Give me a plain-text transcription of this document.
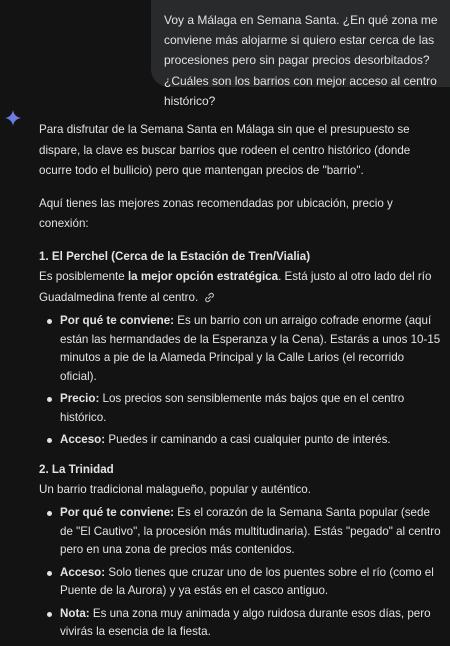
Voy a Málaga en Semana Santa. ¿En qué zona me conviene más alojarme si quiero estar cerca de las procesiones pero sin pagar precios desorbitados? ¿Cuáles son los barrios con mejor acceso al centro histórico?

Para disfrutar de la Semana Santa en Málaga sin que el presupuesto se dispare, la clave es buscar barrios que rodeen el centro histórico (donde ocurre todo el bullicio) pero que mantengan precios de "barrio".

Aquí tienes las mejores zonas recomendadas por ubicación, precio y conexión:

1. El Perchel (Cerca de la Estación de Tren/Vialia)

Es posiblemente la mejor opción estratégica. Está justo al otro lado del río Guadalmedina frente al centro.

Por qué te conviene: Es un barrio con un arraigo cofrade enorme (aquí están las hermandades de la Esperanza y la Cena). Estarás a unos 10-15 minutos a pie de la Alameda Principal y la Calle Larios (el recorrido oficial).
Precio: Los precios son sensiblemente más bajos que en el centro histórico.
Acceso: Puedes ir caminando a casi cualquier punto de interés.
2. La Trinidad

Un barrio tradicional malagueño, popular y auténtico.

Por qué te conviene: Es el corazón de la Semana Santa popular (sede de "El Cautivo", la procesión más multitudinaria). Estás "pegado" al centro pero en una zona de precios más contenidos.
Acceso: Solo tienes que cruzar uno de los puentes sobre el río (como el Puente de la Aurora) y ya estás en el casco antiguo.
Nota: Es una zona muy animada y algo ruidosa durante esos días, pero vivirás la esencia de la fiesta.
